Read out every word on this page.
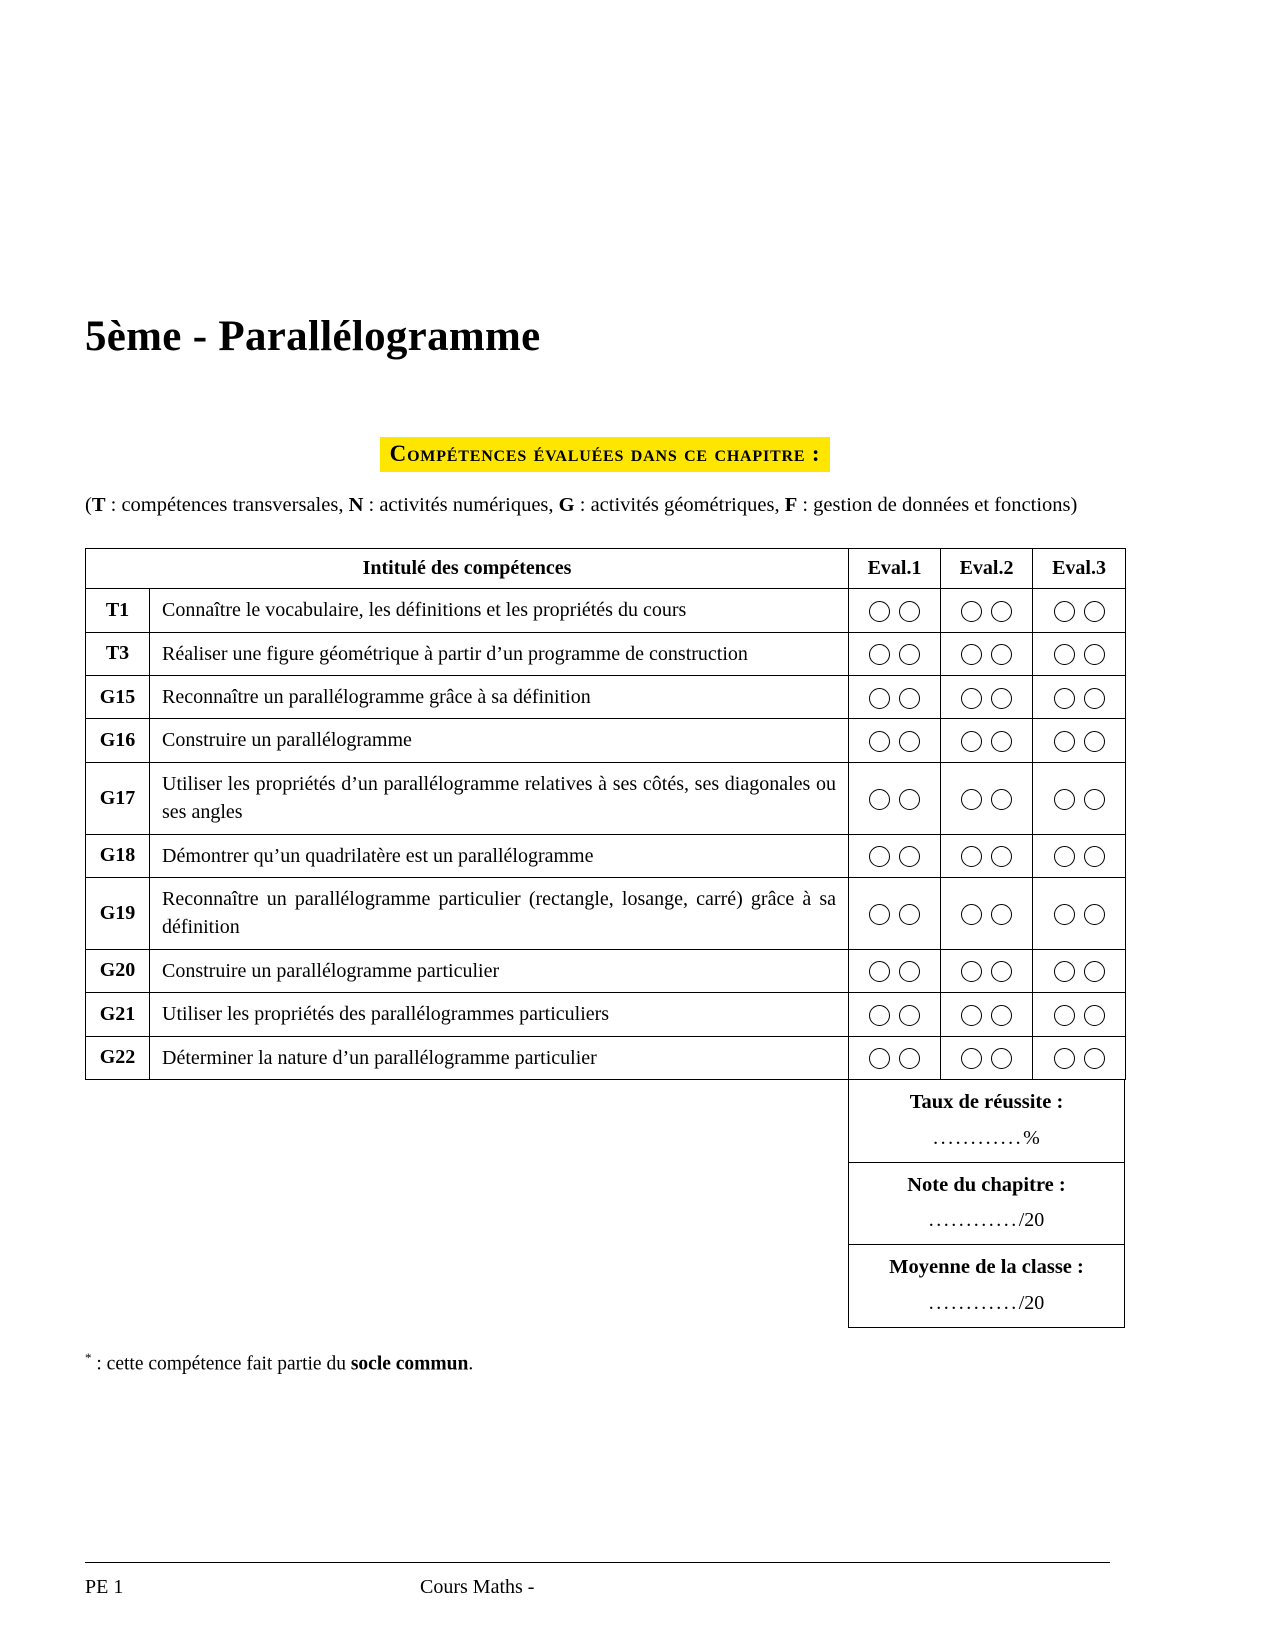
5ème - Parallélogramme
Compétences évaluées dans ce chapitre :

(T : compétences transversales, N : activités numériques, G : activités géométriques, F : gestion de données et fonctions)

Intitulé des compétences		Eval.1	Eval.2	Eval.3
T1	Connaître le vocabulaire, les définitions et les propriétés du cours			
T3	Réaliser une figure géométrique à partir d’un programme de construction			
G15	Reconnaître un parallélogramme grâce à sa définition			
G16	Construire un parallélogramme			
G17	Utiliser les propriétés d’un parallélogramme relatives à ses côtés, ses diagonales ou ses angles			
G18	Démontrer qu’un quadrilatère est un parallélogramme			
G19	Reconnaître un parallélogramme particulier (rectangle, losange, carré) grâce à sa définition			
G20	Construire un parallélogramme particulier			
G21	Utiliser les propriétés des parallélogrammes particuliers			
G22	Déterminer la nature d’un parallélogramme particulier			
Taux de réussite :
............%
Note du chapitre :
............/20
Moyenne de la classe :
............/20

* : cette compétence fait partie du socle commun.

PE 1	Cours Maths -
